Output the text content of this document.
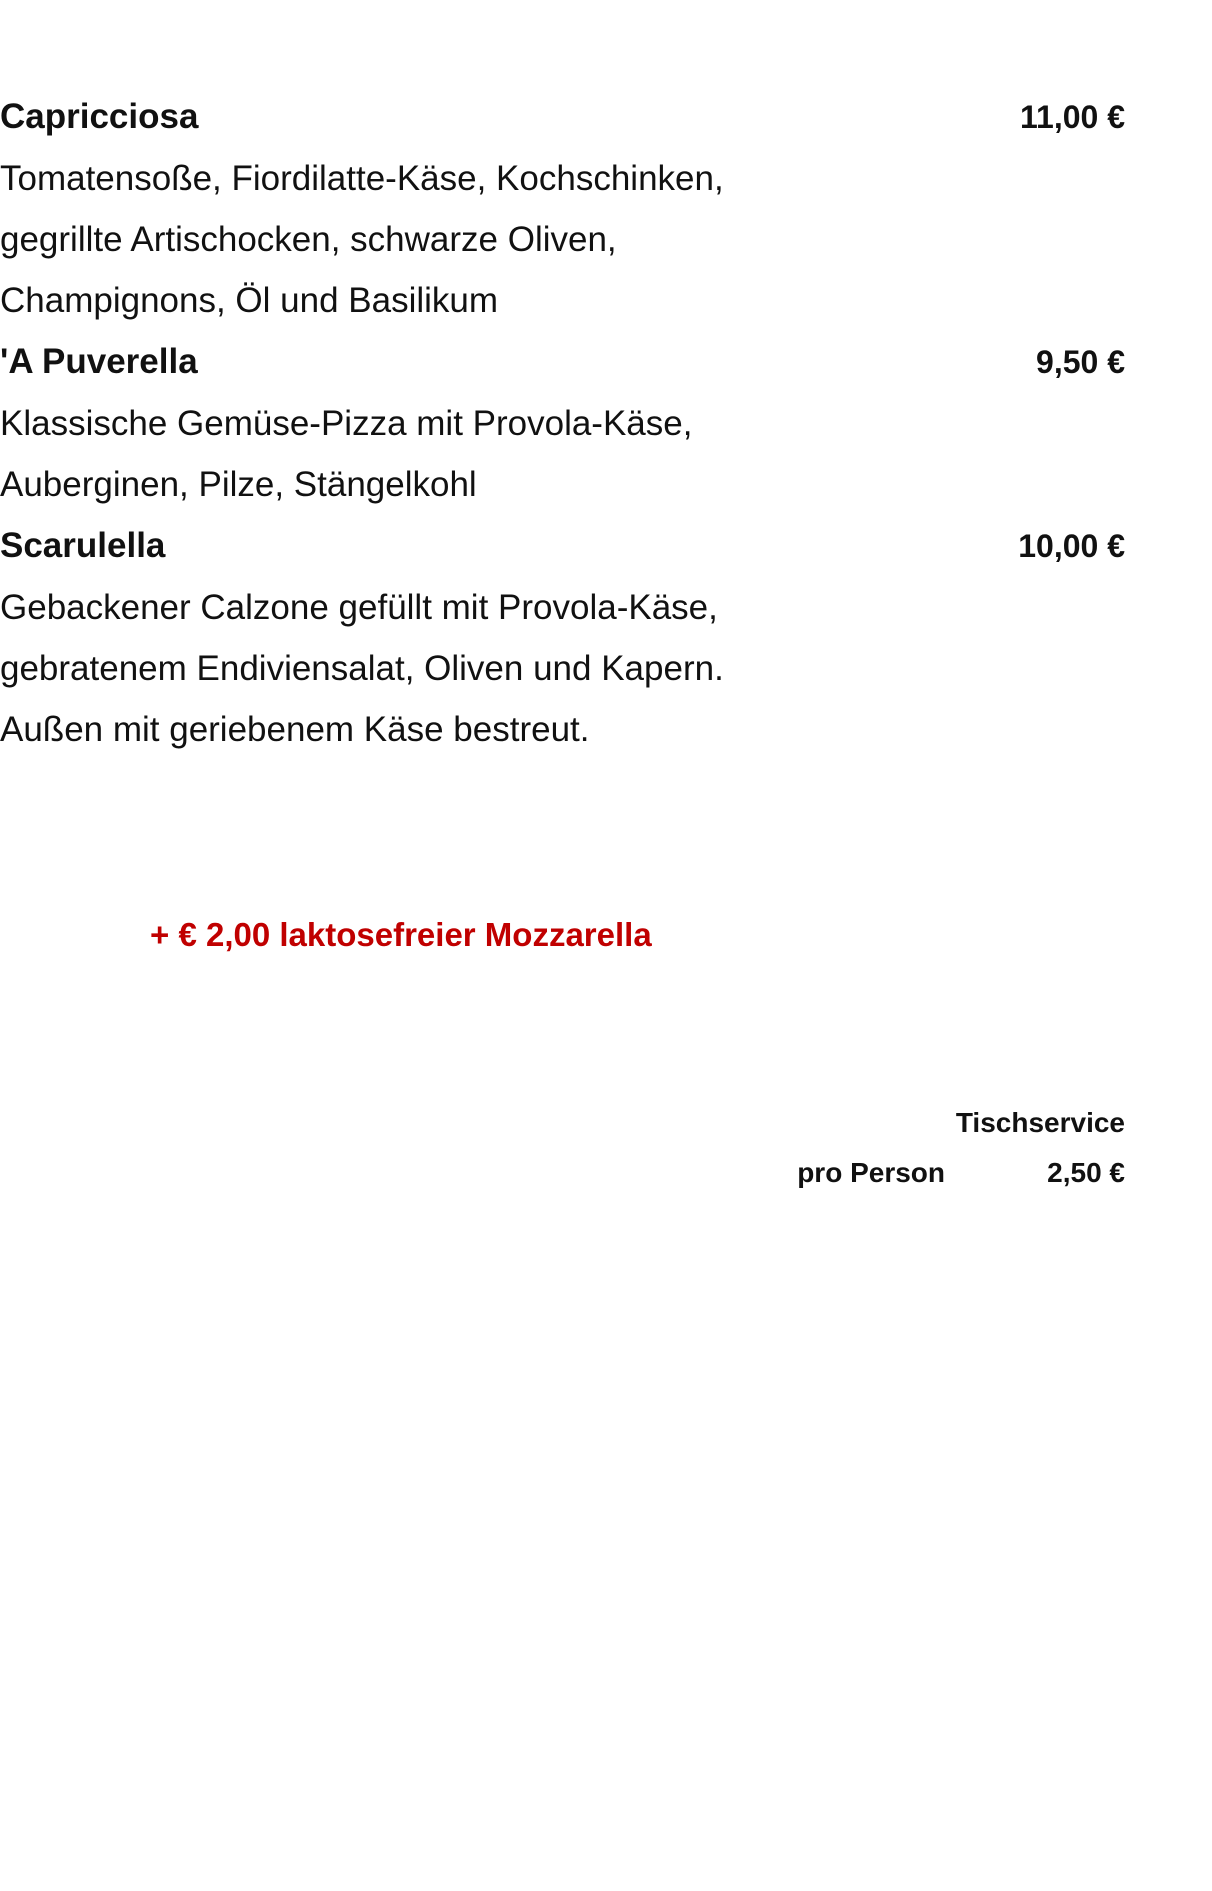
Capricciosa	11,00 €
Tomatensoße, Fiordilatte-Käse, Kochschinken,
gegrillte Artischocken, schwarze Oliven,
Champignons, Öl und Basilikum
'A Puverella	9,50 €
Klassische Gemüse-Pizza mit Provola-Käse,
Auberginen, Pilze, Stängelkohl
Scarulella	10,00 €
Gebackener Calzone gefüllt mit Provola-Käse,
gebratenem Endiviensalat, Oliven und Kapern.
Außen mit geriebenem Käse bestreut.
+ € 2,00 laktosefreier Mozzarella
Tischservice
pro Person	2,50 €
